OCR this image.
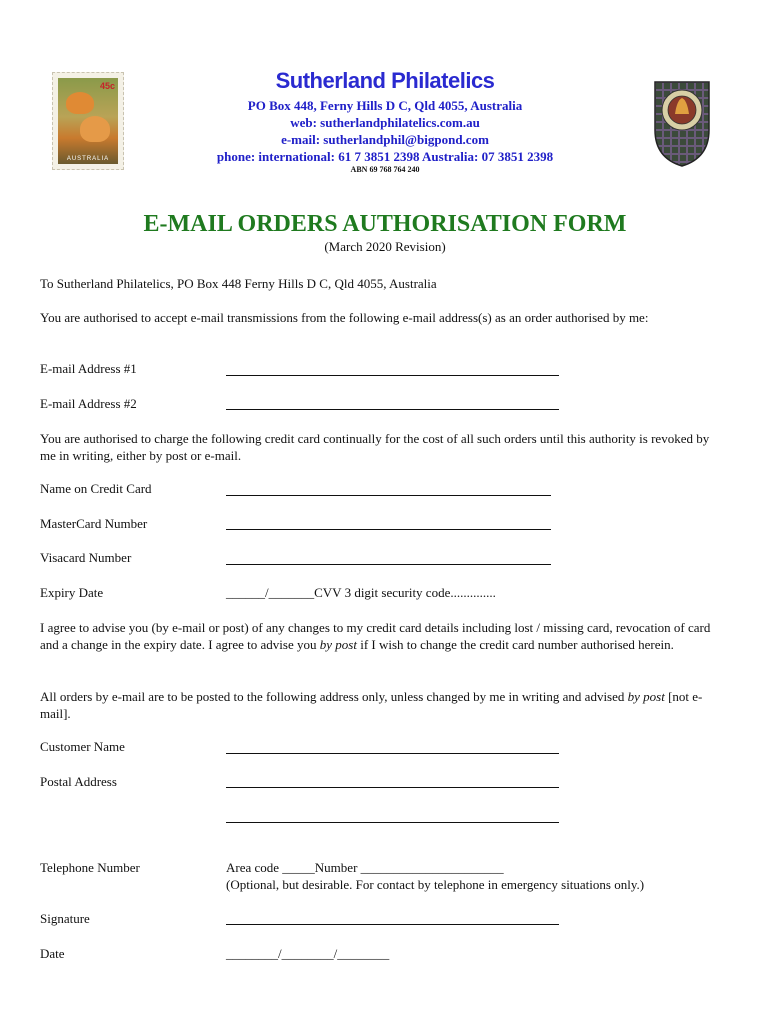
45c
AUSTRALIA
Sutherland Philatelics
PO Box 448, Ferny Hills D C, Qld 4055, Australia
web: sutherlandphilatelics.com.au
e-mail: sutherlandphil@bigpond.com
phone: international: 61 7 3851 2398 Australia: 07 3851 2398
ABN 69 768 764 240
E-MAIL ORDERS AUTHORISATION FORM
(March 2020 Revision)
To Sutherland Philatelics, PO Box 448 Ferny Hills D C, Qld 4055, Australia
You are authorised to accept e-mail transmissions from the following e-mail address(s) as an order authorised by me:
E-mail Address #1
E-mail Address #2
You are authorised to charge the following credit card continually for the cost of all such orders until this authority is revoked by me in writing, either by post or e-mail.
Name on Credit Card
MasterCard Number
Visacard Number
Expiry Date	______/_______CVV 3 digit security code..............
I agree to advise you (by e-mail or post) of any changes to my credit card details including lost / missing card, revocation of card and a change in the expiry date. I agree to advise you by post if I wish to change the credit card number authorised herein.
All orders by e-mail are to be posted to the following address only, unless changed by me in writing and advised by post [not e-mail].
Customer Name
Postal Address
Telephone Number	Area code _____Number ______________________
(Optional, but desirable. For contact by telephone in emergency situations only.)
Signature
Date	________/________/________
